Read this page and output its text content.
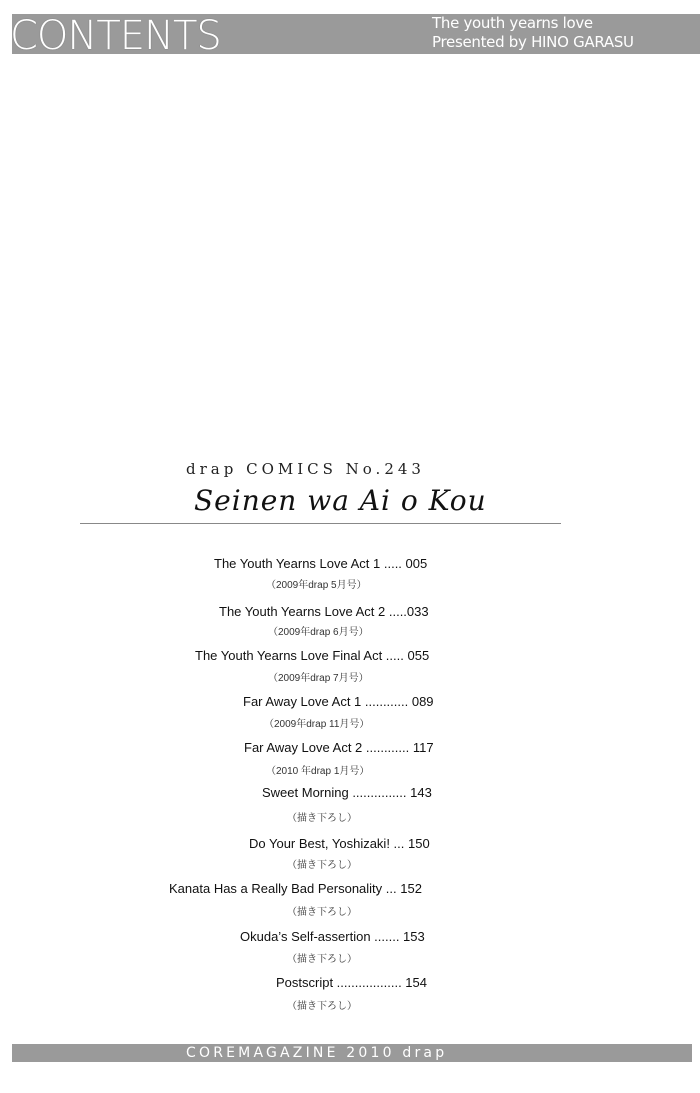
CONTENTS	The youth yearns love
Presented by HINO GARASU
drap COMICS No.243
Seinen wa Ai o Kou
The Youth Yearns Love Act 1 ..... 005
（2009年drap 5月号）
The Youth Yearns Love Act 2 .....033
（2009年drap 6月号）
The Youth Yearns Love Final Act ..... 055
（2009年drap 7月号）
Far Away Love Act 1 ............ 089
（2009年drap 11月号）
Far Away Love Act 2 ............ 117
（2010 年drap 1月号）
Sweet Morning ............... 143
（描き下ろし）
Do Your Best, Yoshizaki! ... 150
（描き下ろし）
Kanata Has a Really Bad Personality ... 152
（描き下ろし）
Okuda’s Self-assertion ....... 153
（描き下ろし）
Postscript .................. 154
（描き下ろし）
COREMAGAZINE 2010 drap
